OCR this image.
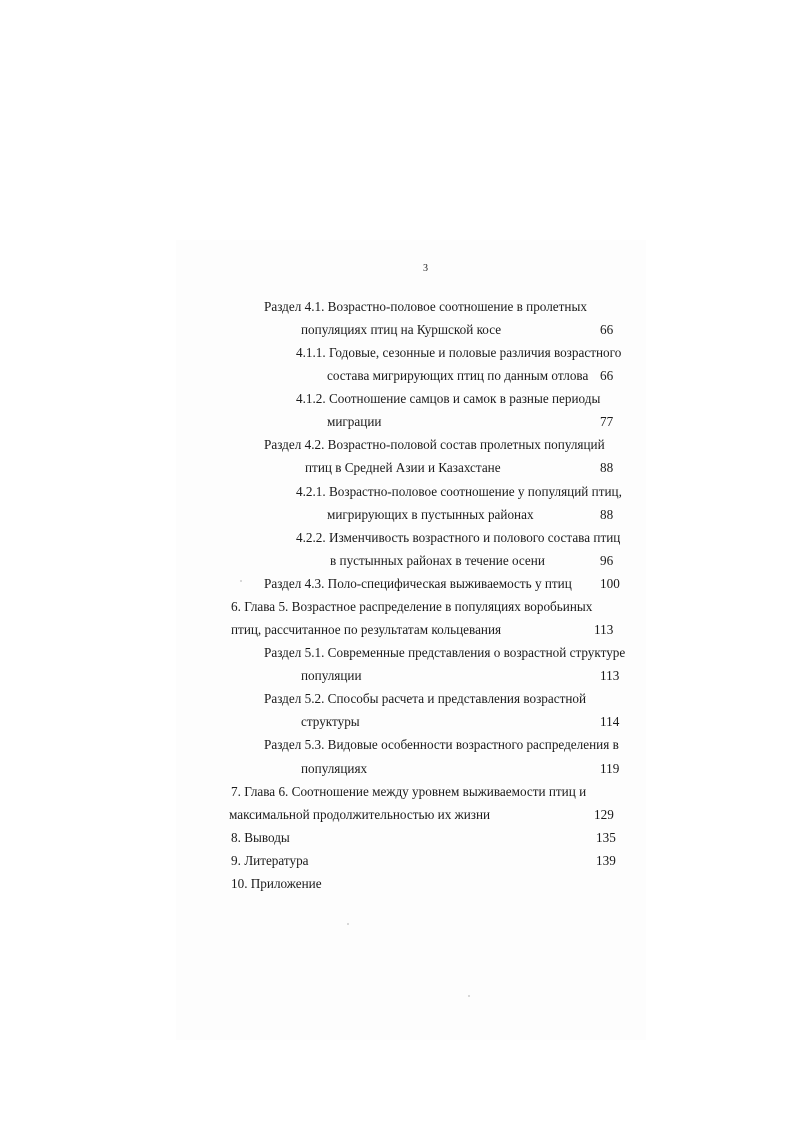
3
Раздел 4.1. Возрастно-половое соотношение в пролетных
популяциях птиц на Куршской косе	66
4.1.1. Годовые, сезонные и половые различия возрастного
состава мигрирующих птиц по данным отлова 66
4.1.2. Соотношение самцов и самок в разные периоды
миграции	77
Раздел 4.2. Возрастно-половой состав пролетных популяций
птиц в Средней Азии и Казахстане	88
4.2.1. Возрастно-половое соотношение у популяций птиц,
мигрирующих в пустынных районах	88
4.2.2. Изменчивость возрастного и полового состава птиц
в пустынных районах в течение осени	96
Раздел 4.3. Поло-специфическая выживаемость у птиц 100
6. Глава 5. Возрастное распределение в популяциях воробьиных
птиц, рассчитанное по результатам кольцевания	113
Раздел 5.1. Современные представления о возрастной структуре
популяции	113
Раздел 5.2. Способы расчета и представления возрастной
структуры	114
Раздел 5.3. Видовые особенности возрастного распределения в
популяциях	119
7. Глава 6. Соотношение между уровнем выживаемости птиц и
максимальной продолжительностью их жизни	129
8. Выводы	135
9. Литература	139
10. Приложение
